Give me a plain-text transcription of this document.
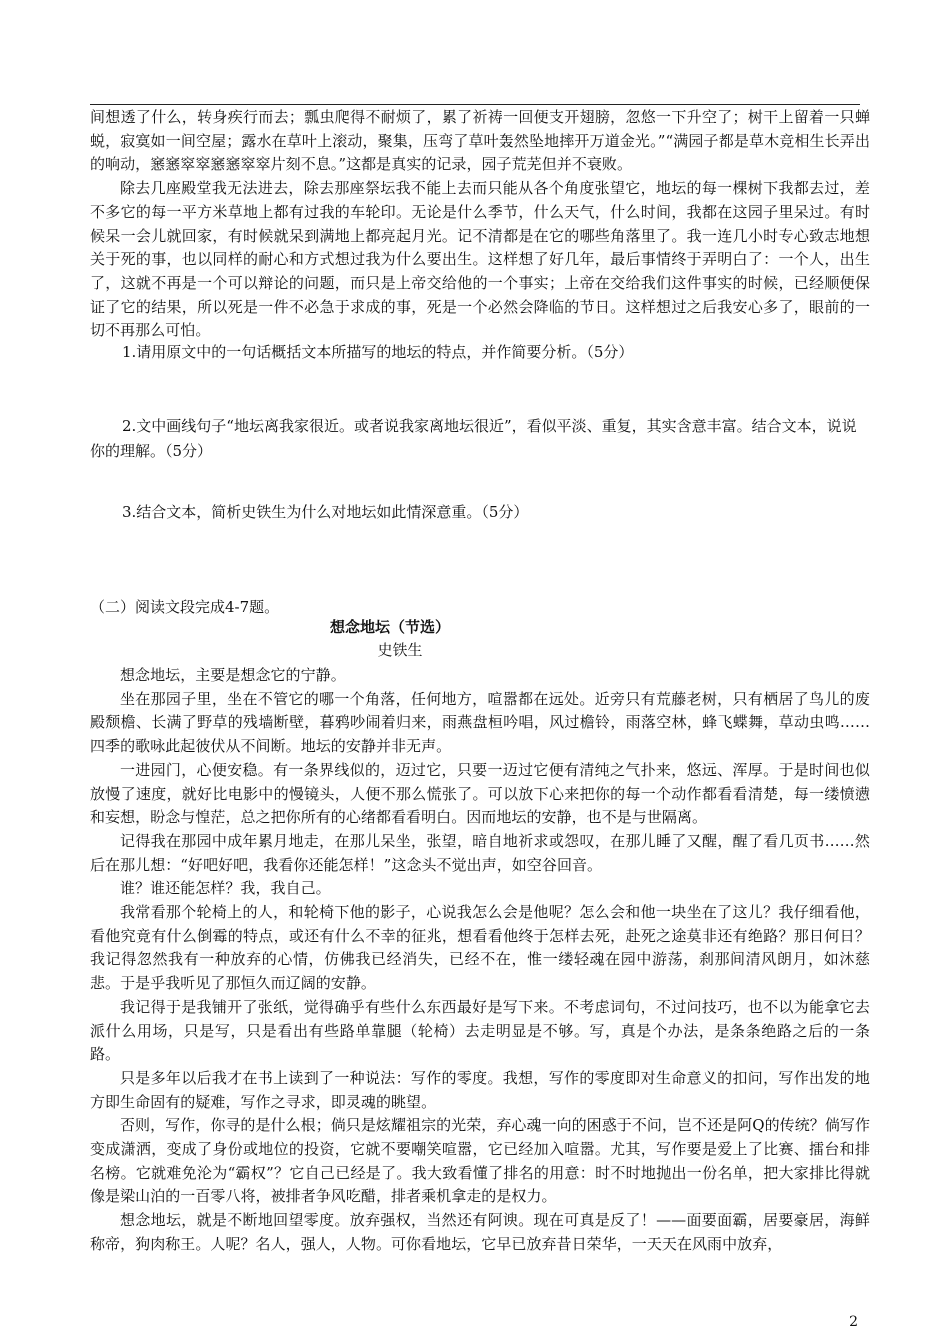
间想透了什么，转身疾行而去；瓢虫爬得不耐烦了，累了祈祷一回便支开翅膀，忽悠一下升空了；树干上留着一只蝉蜕，寂寞如一间空屋；露水在草叶上滚动，聚集，压弯了草叶轰然坠地摔开万道金光。”“满园子都是草木竞相生长弄出的响动，窸窸窣窣窸窸窣窣片刻不息。”这都是真实的记录，园子荒芜但并不衰败。

除去几座殿堂我无法进去，除去那座祭坛我不能上去而只能从各个角度张望它，地坛的每一棵树下我都去过，差不多它的每一平方米草地上都有过我的车轮印。无论是什么季节，什么天气，什么时间，我都在这园子里呆过。有时候呆一会儿就回家，有时候就呆到满地上都亮起月光。记不清都是在它的哪些角落里了。我一连几小时专心致志地想关于死的事，也以同样的耐心和方式想过我为什么要出生。这样想了好几年，最后事情终于弄明白了：一个人，出生了，这就不再是一个可以辩论的问题，而只是上帝交给他的一个事实；上帝在交给我们这件事实的时候，已经顺便保证了它的结果，所以死是一件不必急于求成的事，死是一个必然会降临的节日。这样想过之后我安心多了，眼前的一切不再那么可怕。

1.请用原文中的一句话概括文本所描写的地坛的特点，并作简要分析。（5分）

2.文中画线句子“地坛离我家很近。或者说我家离地坛很近”，看似平淡、重复，其实含意丰富。结合文本，说说你的理解。（5分）

3.结合文本，简析史铁生为什么对地坛如此情深意重。（5分）

（二）阅读文段完成4-7题。

想念地坛（节选）

史铁生

想念地坛，主要是想念它的宁静。

坐在那园子里，坐在不管它的哪一个角落，任何地方，喧嚣都在远处。近旁只有荒藤老树，只有栖居了鸟儿的废殿颓檐、长满了野草的残墙断壁，暮鸦吵闹着归来，雨燕盘桓吟唱，风过檐铃，雨落空林，蜂飞蝶舞，草动虫鸣……四季的歌咏此起彼伏从不间断。地坛的安静并非无声。

一进园门，心便安稳。有一条界线似的，迈过它，只要一迈过它便有清纯之气扑来，悠远、浑厚。于是时间也似放慢了速度，就好比电影中的慢镜头，人便不那么慌张了。可以放下心来把你的每一个动作都看看清楚，每一缕愤懑和妄想，盼念与惶茫，总之把你所有的心绪都看看明白。因而地坛的安静，也不是与世隔离。

记得我在那园中成年累月地走，在那儿呆坐，张望，暗自地祈求或怨叹，在那儿睡了又醒，醒了看几页书……然后在那儿想：“好吧好吧，我看你还能怎样！”这念头不觉出声，如空谷回音。

谁？谁还能怎样？我，我自己。

我常看那个轮椅上的人，和轮椅下他的影子，心说我怎么会是他呢？怎么会和他一块坐在了这儿？我仔细看他，看他究竟有什么倒霉的特点，或还有什么不幸的征兆，想看看他终于怎样去死，赴死之途莫非还有绝路？那日何日？我记得忽然我有一种放弃的心情，仿佛我已经消失，已经不在，惟一缕轻魂在园中游荡，刹那间清风朗月，如沐慈悲。于是乎我听见了那恒久而辽阔的安静。

我记得于是我铺开了张纸，觉得确乎有些什么东西最好是写下来。不考虑词句，不过问技巧，也不以为能拿它去派什么用场，只是写，只是看出有些路单靠腿（轮椅）去走明显是不够。写，真是个办法，是条条绝路之后的一条路。

只是多年以后我才在书上读到了一种说法：写作的零度。我想，写作的零度即对生命意义的扣问，写作出发的地方即生命固有的疑难，写作之寻求，即灵魂的眺望。

否则，写作，你寻的是什么根；倘只是炫耀祖宗的光荣，弃心魂一向的困惑于不问，岂不还是阿Q的传统？倘写作变成潇洒，变成了身份或地位的投资，它就不要嘲笑喧嚣，它已经加入喧嚣。尤其，写作要是爱上了比赛、擂台和排名榜。它就难免沦为“霸权”？它自己已经是了。我大致看懂了排名的用意：时不时地抛出一份名单，把大家排比得就像是梁山泊的一百零八将，被排者争风吃醋，排者乘机拿走的是权力。

想念地坛，就是不断地回望零度。放弃强权，当然还有阿谀。现在可真是反了！——面要面霸，居要豪居，海鲜称帝，狗肉称王。人呢？名人，强人，人物。可你看地坛，它早已放弃昔日荣华，一天天在风雨中放弃，

2
